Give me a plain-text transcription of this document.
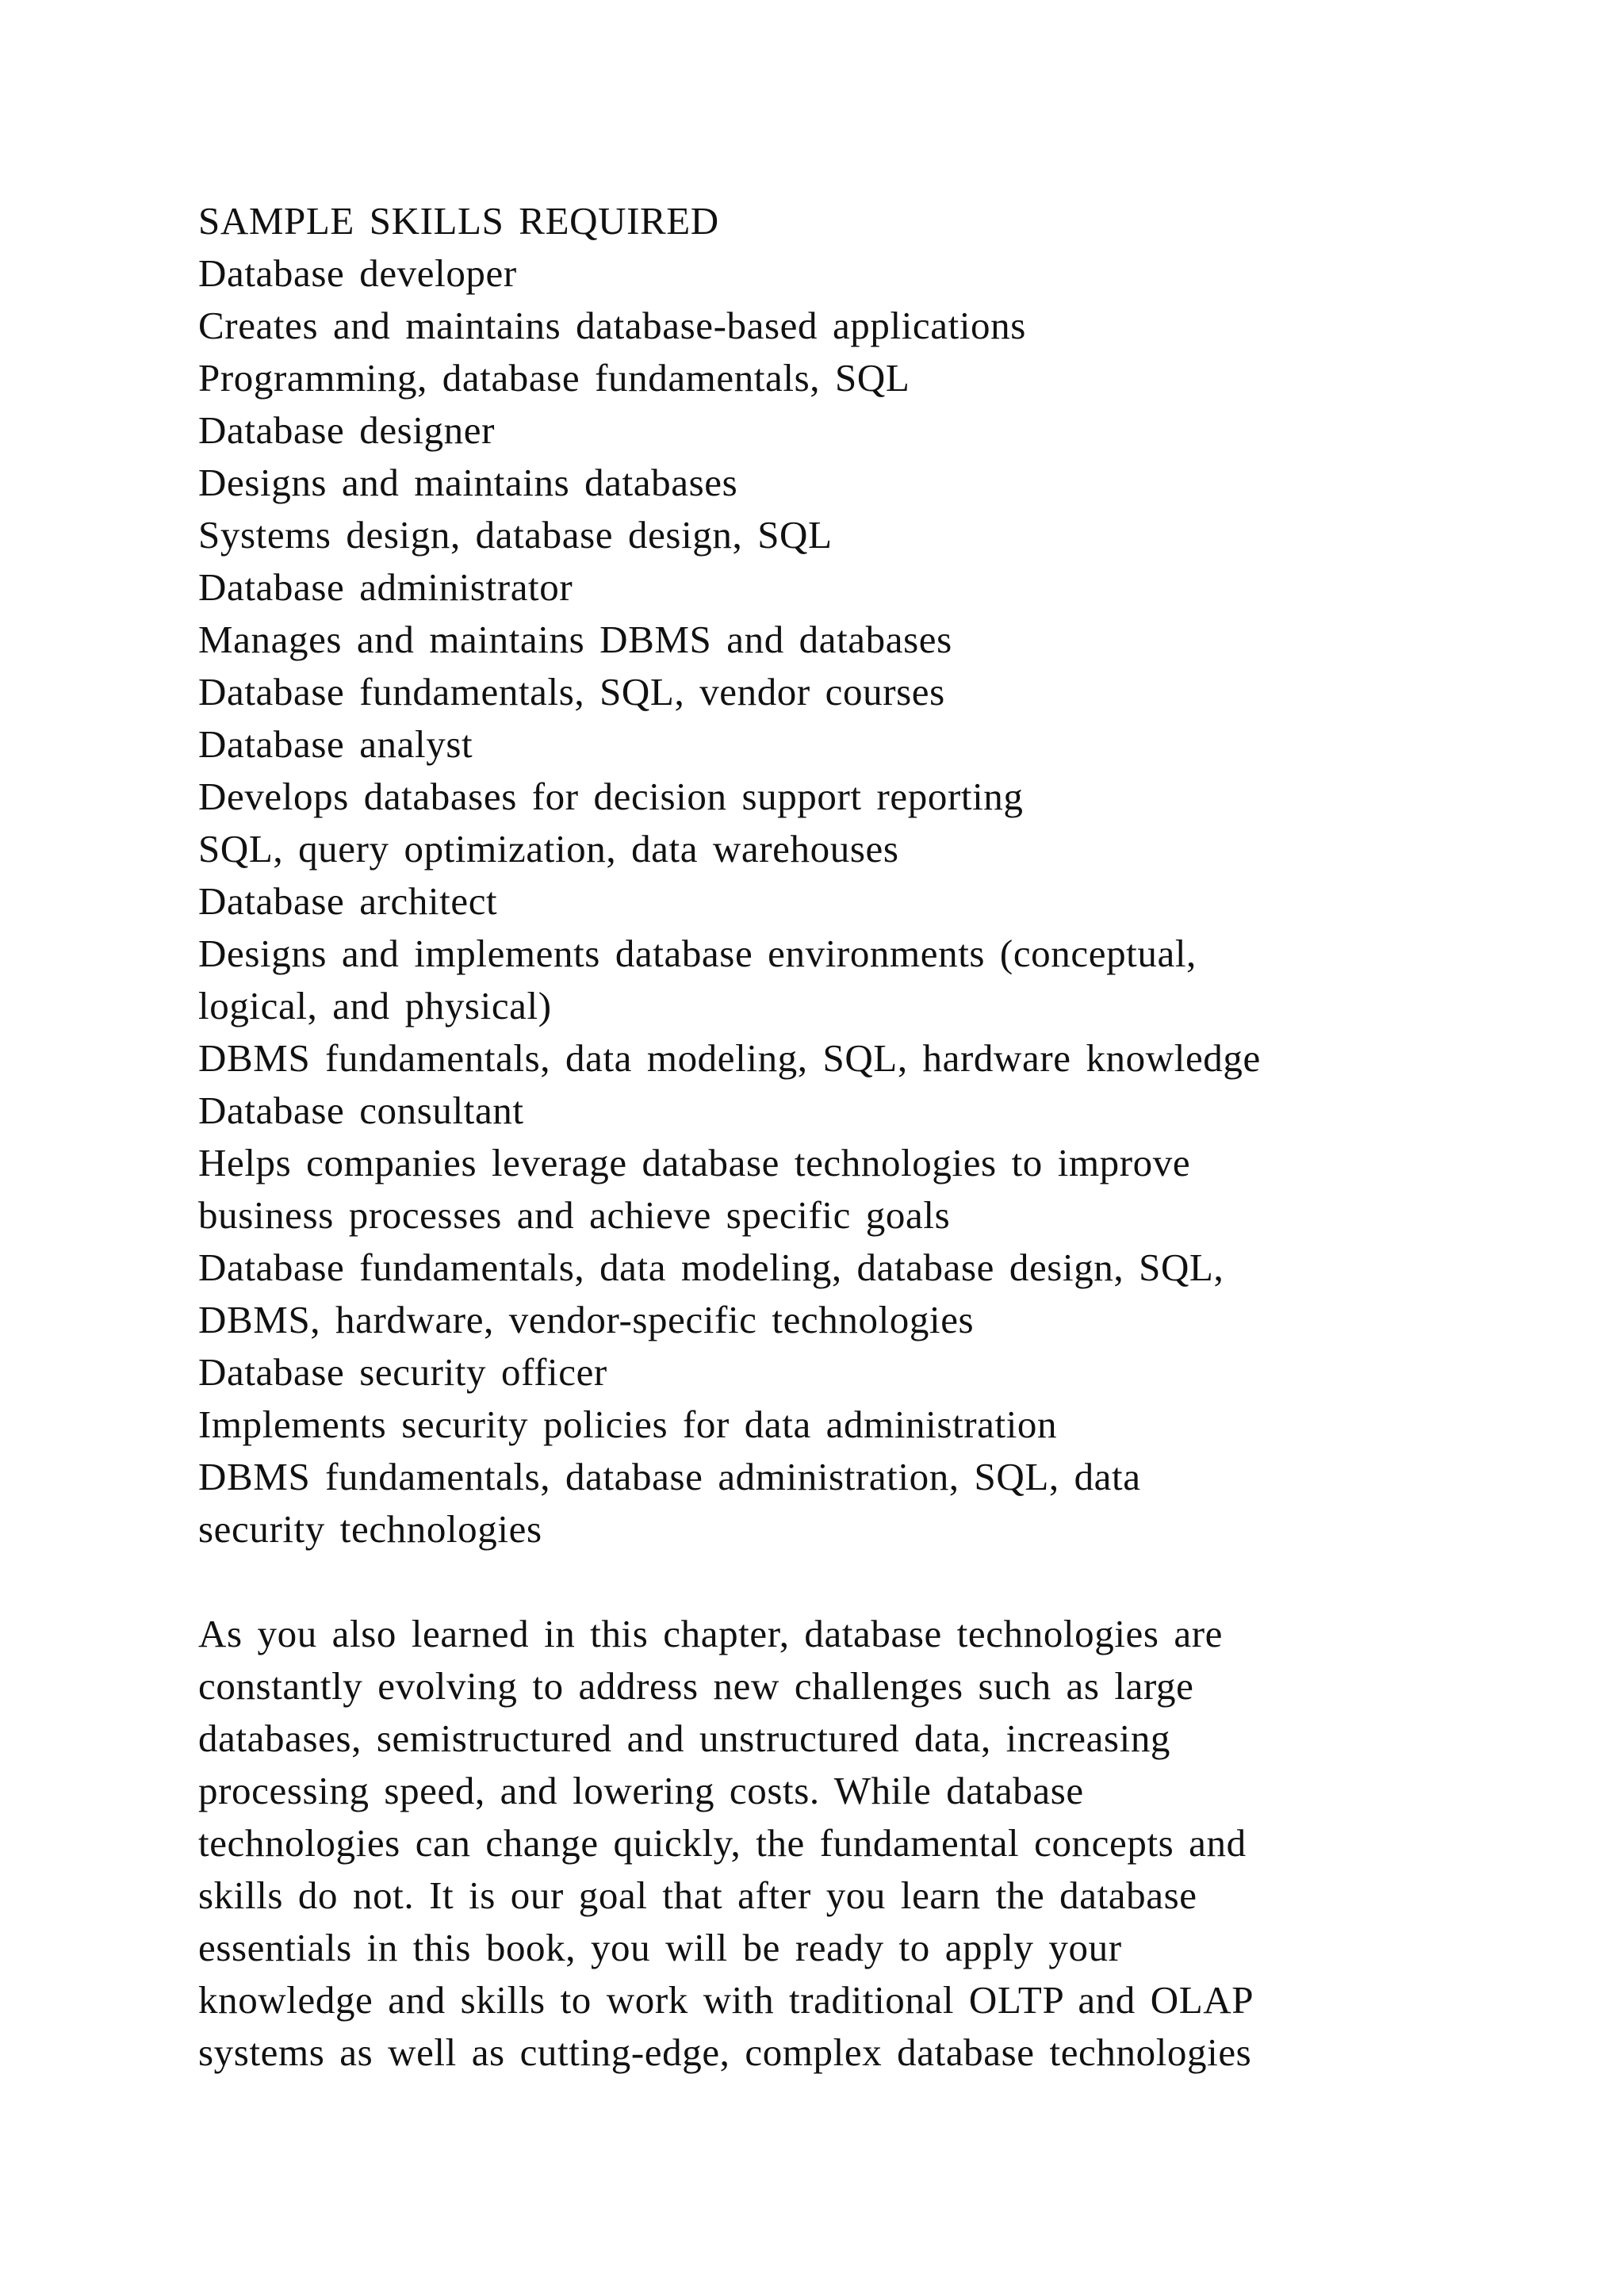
SAMPLE SKILLS REQUIRED
Database developer
Creates and maintains database-based applications
Programming, database fundamentals, SQL
Database designer
Designs and maintains databases
Systems design, database design, SQL
Database administrator
Manages and maintains DBMS and databases
Database fundamentals, SQL, vendor courses
Database analyst
Develops databases for decision support reporting
SQL, query optimization, data warehouses
Database architect
Designs and implements database environments (conceptual,
logical, and physical)
DBMS fundamentals, data modeling, SQL, hardware knowledge
Database consultant
Helps companies leverage database technologies to improve
business processes and achieve specific goals
Database fundamentals, data modeling, database design, SQL,
DBMS, hardware, vendor-specific technologies
Database security officer
Implements security policies for data administration
DBMS fundamentals, database administration, SQL, data
security technologies
As you also learned in this chapter, database technologies are
constantly evolving to address new challenges such as large
databases, semistructured and unstructured data, increasing
processing speed, and lowering costs. While database
technologies can change quickly, the fundamental concepts and
skills do not. It is our goal that after you learn the database
essentials in this book, you will be ready to apply your
knowledge and skills to work with traditional OLTP and OLAP
systems as well as cutting-edge, complex database technologies
